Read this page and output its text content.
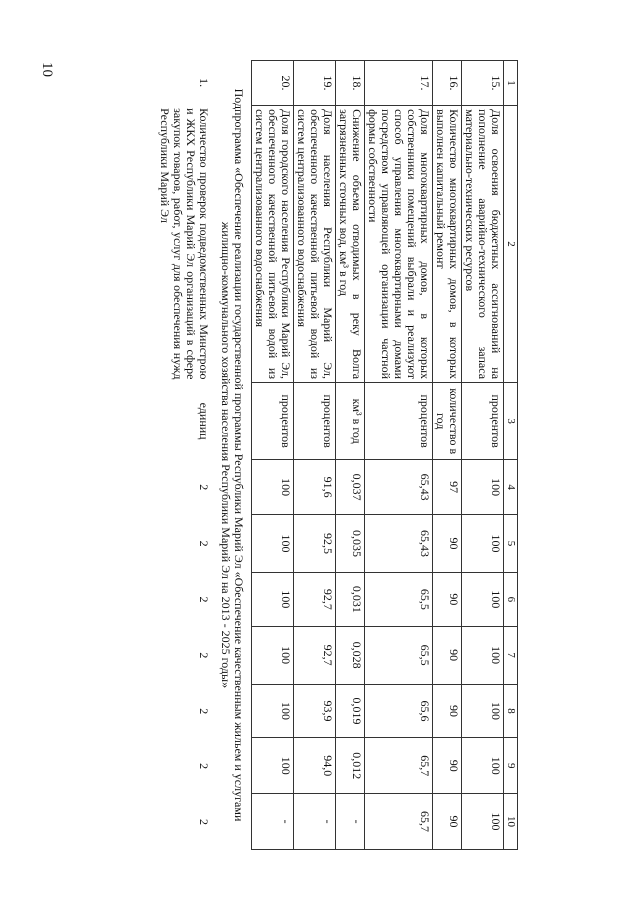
10
1	2	3	4	5	6	7	8	9	10
15.	Доля освоения бюджетных ассигнований на пополнение аварийно-технического запаса материально-технических ресурсов	процентов	100	100	100	100	100	100	100
16.	Количество многоквартирных домов, в которых выполнен капитальный ремонт	количество в год	97	90	90	90	90	90	90
17.	Доля многоквартирных домов, в которых собственники помещений выбрали и реализуют способ управления многоквартирными домами посредством управляющей организации частной формы собственности	процентов	65,43	65,43	65,5	65,5	65,6	65,7	65,7
18.	Снижение объема отводимых в реку Волга загрязненных сточных вод, км³ в год	км³ в год	0,037	0,035	0,031	0,028	0,019	0,012	-
19.	Доля населения Республики Марий Эл, обеспеченного качественной питьевой водой из систем централизованного водоснабжения	процентов	91,6	92,5	92,7	92,7	93,9	94,0	-
20.	Доля городского населения Республики Марий Эл, обеспеченного качественной питьевой водой из систем централизованного водоснабжения	процентов	100	100	100	100	100	100	-
Подпрограмма «Обеспечение реализации государственной программы Республики Марий Эл «Обеспечение качественным жильем и услугами жилищно-коммунального хозяйства населения Республики Марий Эл на 2013 - 2025 годы»
1.	Количество проверок подведомственных Минстрою и ЖКХ Республики Марий Эл организаций в сфере закупок товаров, работ, услуг для обеспечения нужд Республики Марий Эл	единиц	2	2	2	2	2	2	2
